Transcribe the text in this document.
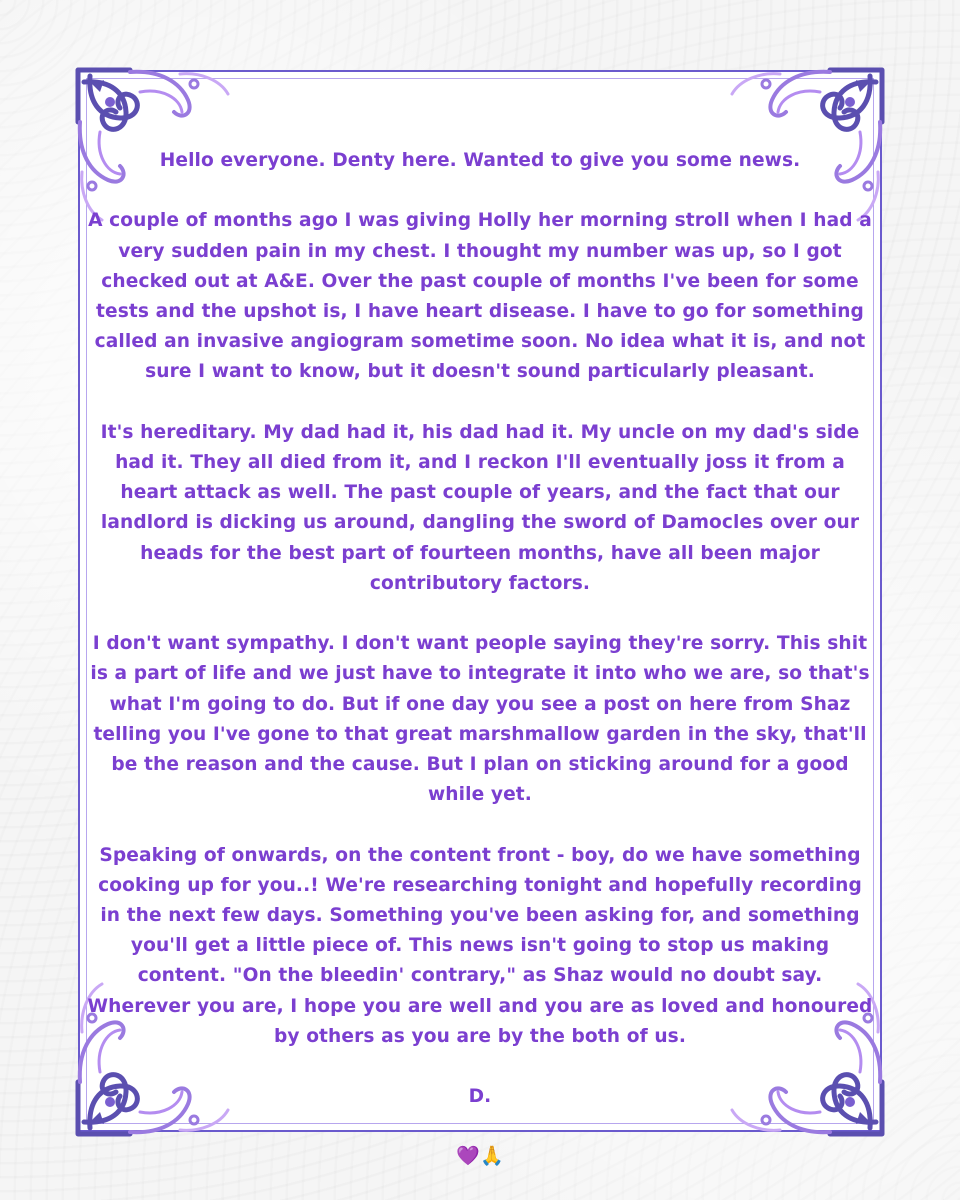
Hello everyone. Denty here. Wanted to give you some news.

A couple of months ago I was giving Holly her morning stroll when I had a very sudden pain in my chest. I thought my number was up, so I got checked out at A&E. Over the past couple of months I've been for some tests and the upshot is, I have heart disease. I have to go for something called an invasive angiogram sometime soon. No idea what it is, and not sure I want to know, but it doesn't sound particularly pleasant.

It's hereditary. My dad had it, his dad had it. My uncle on my dad's side had it. They all died from it, and I reckon I'll eventually joss it from a heart attack as well. The past couple of years, and the fact that our landlord is dicking us around, dangling the sword of Damocles over our heads for the best part of fourteen months, have all been major contributory factors.

I don't want sympathy. I don't want people saying they're sorry. This shit is a part of life and we just have to integrate it into who we are, so that's what I'm going to do. But if one day you see a post on here from Shaz telling you I've gone to that great marshmallow garden in the sky, that'll be the reason and the cause. But I plan on sticking around for a good while yet.

Speaking of onwards, on the content front - boy, do we have something cooking up for you..! We're researching tonight and hopefully recording in the next few days. Something you've been asking for, and something you'll get a little piece of. This news isn't going to stop us making content. "On the bleedin' contrary," as Shaz would no doubt say. Wherever you are, I hope you are well and you are as loved and honoured by others as you are by the both of us.

D.

💜🙏
